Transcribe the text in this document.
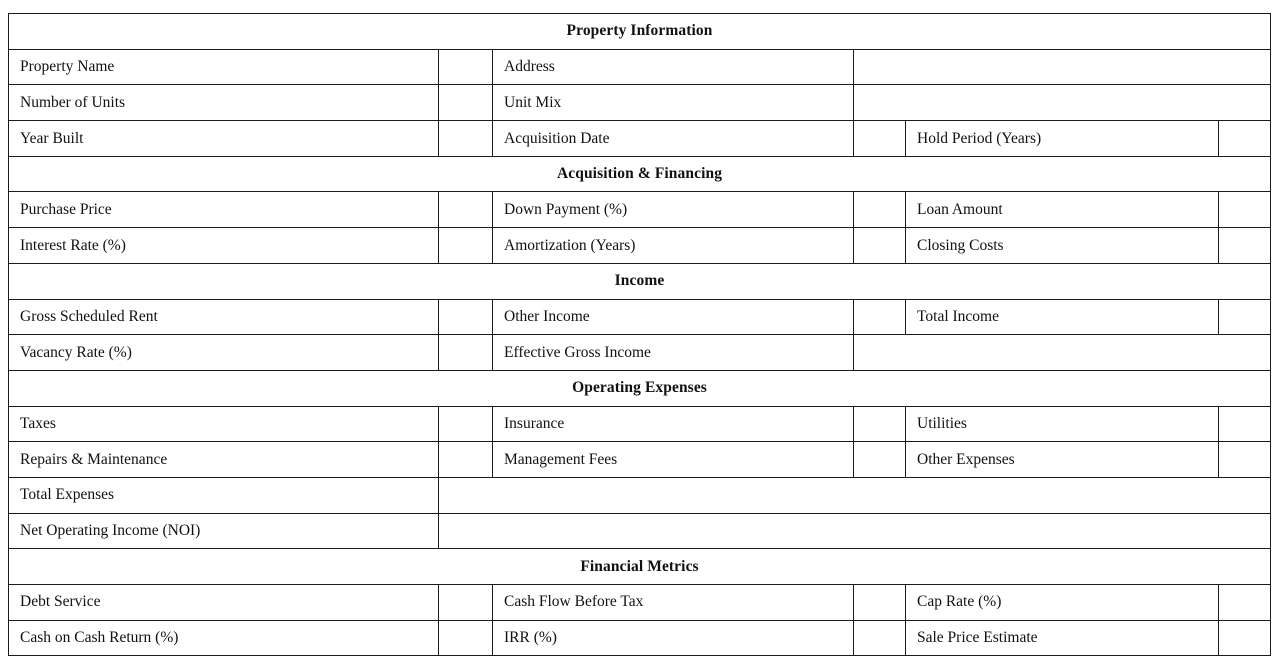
Property Information					
Property Name		Address			
Number of Units		Unit Mix			
Year Built		Acquisition Date		Hold Period (Years)	
Acquisition & Financing					
Purchase Price		Down Payment (%)		Loan Amount	
Interest Rate (%)		Amortization (Years)		Closing Costs	
Income					
Gross Scheduled Rent		Other Income		Total Income	
Vacancy Rate (%)		Effective Gross Income			
Operating Expenses					
Taxes		Insurance		Utilities	
Repairs & Maintenance		Management Fees		Other Expenses	
Total Expenses					
Net Operating Income (NOI)					
Financial Metrics					
Debt Service		Cash Flow Before Tax		Cap Rate (%)	
Cash on Cash Return (%)		IRR (%)		Sale Price Estimate	
